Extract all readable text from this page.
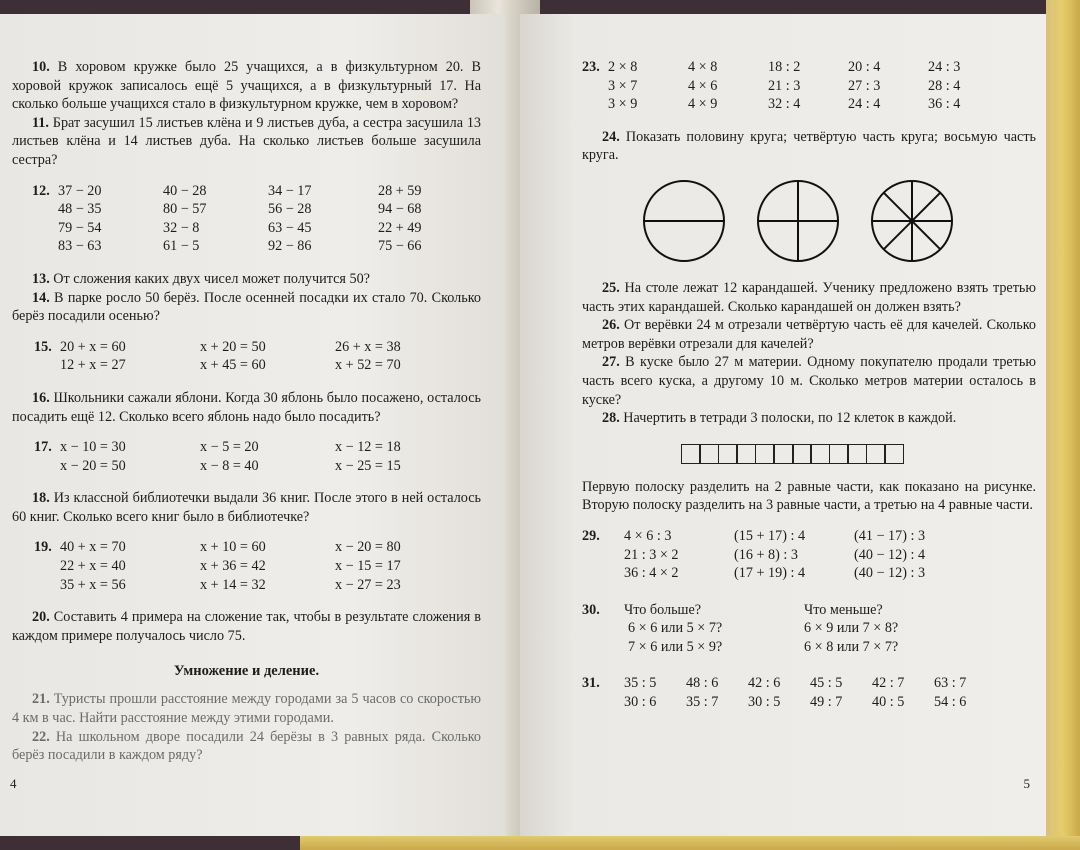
10. В хоровом кружке было 25 учащихся, а в физкультурном 20. В хоровой кружок записалось ещё 5 учащихся, а в физкультурный 17. На сколько больше учащихся стало в физкультурном кружке, чем в хоровом?

11. Брат засушил 15 листьев клёна и 9 листьев дуба, а сестра засушила 13 листьев клёна и 14 листьев дуба. На сколько листьев больше засушила сестра?

12. 37 − 20	40 − 28	34 − 17	28 + 59
48 − 35	80 − 57	56 − 28	94 − 68
79 − 54	32 − 8	63 − 45	22 + 49
83 − 63	61 − 5	92 − 86	75 − 66

13. От сложения каких двух чисел может получится 50?

14. В парке росло 50 берёз. После осенней посадки их стало 70. Сколько берёз посадили осенью?

15. 20 + x = 60	x + 20 = 50	26 + x = 38
12 + x = 27	x + 45 = 60	x + 52 = 70

16. Школьники сажали яблони. Когда 30 яблонь было посажено, осталось посадить ещё 12. Сколько всего яблонь надо было посадить?

17. x − 10 = 30	x − 5 = 20	x − 12 = 18
x − 20 = 50	x − 8 = 40	x − 25 = 15

18. Из классной библиотечки выдали 36 книг. После этого в ней осталось 60 книг. Сколько всего книг было в библиотечке?

19. 40 + x = 70	x + 10 = 60	x − 20 = 80
22 + x = 40	x + 36 = 42	x − 15 = 17
35 + x = 56	x + 14 = 32	x − 27 = 23

20. Составить 4 примера на сложение так, чтобы в результате сложения в каждом примере получалось число 75.

Умножение и деление.

21. Туристы прошли расстояние между городами за 5 часов со скоростью 4 км в час. Найти расстояние между этими городами.

22. На школьном дворе посадили 24 берёзы в 3 равных ряда. Сколько берёз посадили в каждом ряду?

4
23. 2 × 8	4 × 8	18 : 2	20 : 4	24 : 3
3 × 7	4 × 6	21 : 3	27 : 3	28 : 4
3 × 9	4 × 9	32 : 4	24 : 4	36 : 4

24. Показать половину круга; четвёртую часть круга; восьмую часть круга.

25. На столе лежат 12 карандашей. Ученику предложено взять третью часть этих карандашей. Сколько карандашей он должен взять?

26. От верёвки 24 м отрезали четвёртую часть её для качелей. Сколько метров верёвки отрезали для качелей?

27. В куске было 27 м материи. Одному покупателю продали третью часть всего куска, а другому 10 м. Сколько метров материи осталось в куске?

28. Начертить в тетради 3 полоски, по 12 клеток в каждой.

Первую полоску разделить на 2 равные части, как показано на рисунке. Вторую полоску разделить на 3 равные части, а третью на 4 равные части.

29.	4 × 6 : 3	(15 + 17) : 4	(41 − 17) : 3
21 : 3 × 2	(16 + 8) : 3	(40 − 12) : 4
36 : 4 × 2	(17 + 19) : 4	(40 − 12) : 3
30.	Что больше?	Что меньше?
6 × 6 или 5 × 7?	6 × 9 или 7 × 8?
7 × 6 или 5 × 9?	6 × 8 или 7 × 7?
31.	35 : 5	48 : 6	42 : 6	45 : 5	42 : 7	63 : 7
30 : 6	35 : 7	30 : 5	49 : 7	40 : 5	54 : 6
5
